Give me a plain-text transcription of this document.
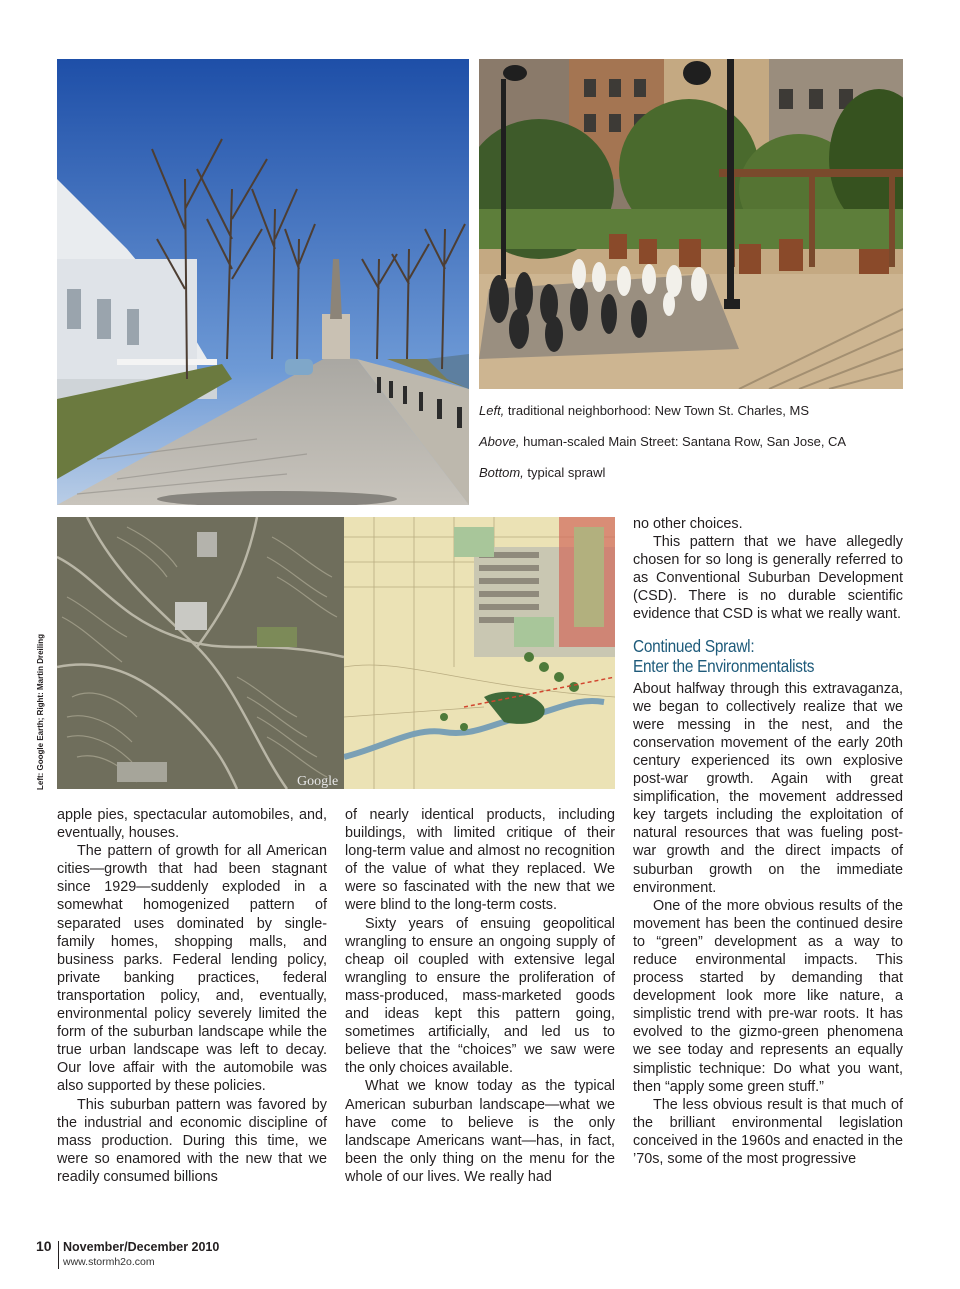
Left, traditional neighborhood: New Town St. Charles, MS
Above, human-scaled Main Street: Santana Row, San Jose, CA
Bottom, typical sprawl
Left: Google Earth; Right: Martin Dreiling	Google

apple pies, spectacular automobiles, and, eventually, houses.

The pattern of growth for all American cities—growth that had been stagnant since 1929—suddenly exploded in a somewhat homogenized pattern of separated uses dominated by single-family homes, shopping malls, and business parks. Federal lending policy, private banking practices, federal transportation policy, and, eventually, environmental policy severely limited the form of the suburban landscape while the true urban landscape was left to decay. Our love affair with the automobile was also supported by these policies.

This suburban pattern was favored by the industrial and economic discipline of mass production. During this time, we were so enamored with the new that we readily consumed billions

of nearly identical products, including buildings, with limited critique of their long-term value and almost no recognition of the value of what they replaced. We were so fascinated with the new that we were blind to the long-term costs.

Sixty years of ensuing geopolitical wrangling to ensure an ongoing supply of cheap oil coupled with extensive legal wrangling to ensure the proliferation of mass-produced, mass-marketed goods and ideas kept this pattern going, sometimes artificially, and led us to believe that the “choices” we saw were the only choices available.

What we know today as the typical American suburban landscape—what we have come to believe is the only landscape Americans want—has, in fact, been the only thing on the menu for the whole of our lives. We really had

no other choices.

This pattern that we have allegedly chosen for so long is generally referred to as Conventional Suburban Development (CSD). There is no durable scientific evidence that CSD is what we really want.

Continued Sprawl:
Enter the Environmentalists

About halfway through this extravaganza, we began to collectively realize that we were messing in the nest, and the conservation movement of the early 20th century experienced its own explosive post-war growth. Again with great simplification, the movement addressed key targets including the exploitation of natural resources that was fueling post-war growth and the direct impacts of suburban growth on the immediate environment.

One of the more obvious results of the movement has been the continued desire to “green” development as a way to reduce environmental impacts. This process started by demanding that development look more like nature, a simplistic trend with pre-war roots. It has evolved to the gizmo-green phenomena we see today and represents an equally simplistic technique: Do what you want, then “apply some green stuff.”

The less obvious result is that much of the brilliant environmental legislation conceived in the 1960s and enacted in the ’70s, some of the most progressive

10 November/December 2010
www.stormh2o.com
